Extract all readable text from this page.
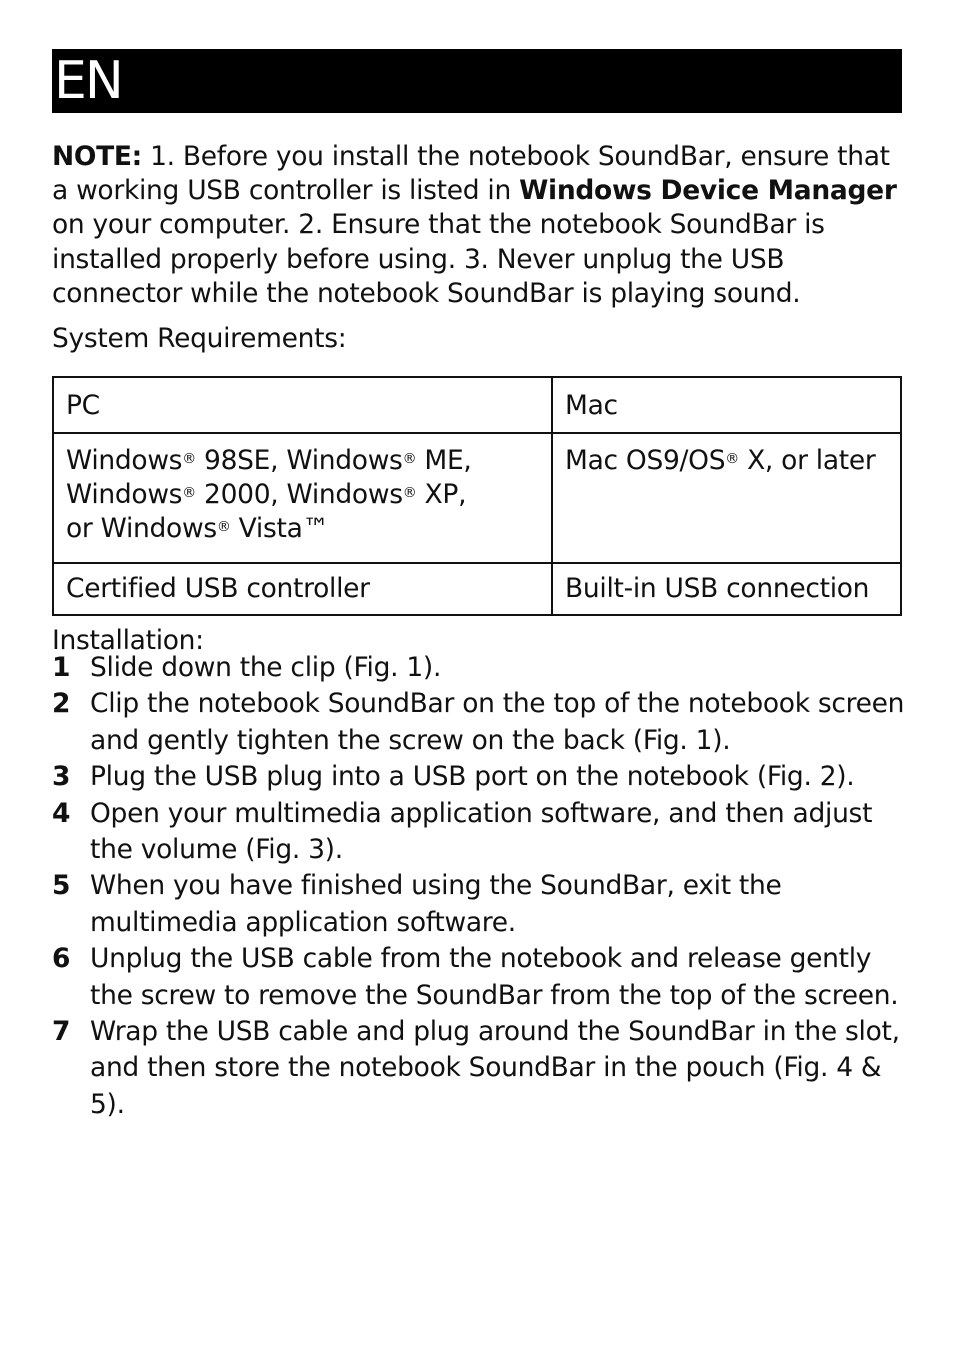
EN

NOTE: 1. Before you install the notebook SoundBar, ensure that a working USB controller is listed in Windows Device Manager on your computer. 2. Ensure that the notebook SoundBar is installed properly before using. 3. Never unplug the USB connector while the notebook SoundBar is playing sound.

System Requirements:

PC	Mac
Windows® 98SE, Windows® ME,
Windows® 2000, Windows® XP,
or Windows® Vista™	Mac OS9/OS® X, or later
Certified USB controller	Built-in USB connection

Installation:

1 Slide down the clip (Fig. 1).
2 Clip the notebook SoundBar on the top of the notebook screen and gently tighten the screw on the back (Fig. 1).
3 Plug the USB plug into a USB port on the notebook (Fig. 2).
4 Open your multimedia application software, and then adjust the volume (Fig. 3).
5 When you have finished using the SoundBar, exit the multimedia application software.
6 Unplug the USB cable from the notebook and release gently the screw to remove the SoundBar from the top of the screen.
7 Wrap the USB cable and plug around the SoundBar in the slot, and then store the notebook SoundBar in the pouch (Fig. 4 & 5).
